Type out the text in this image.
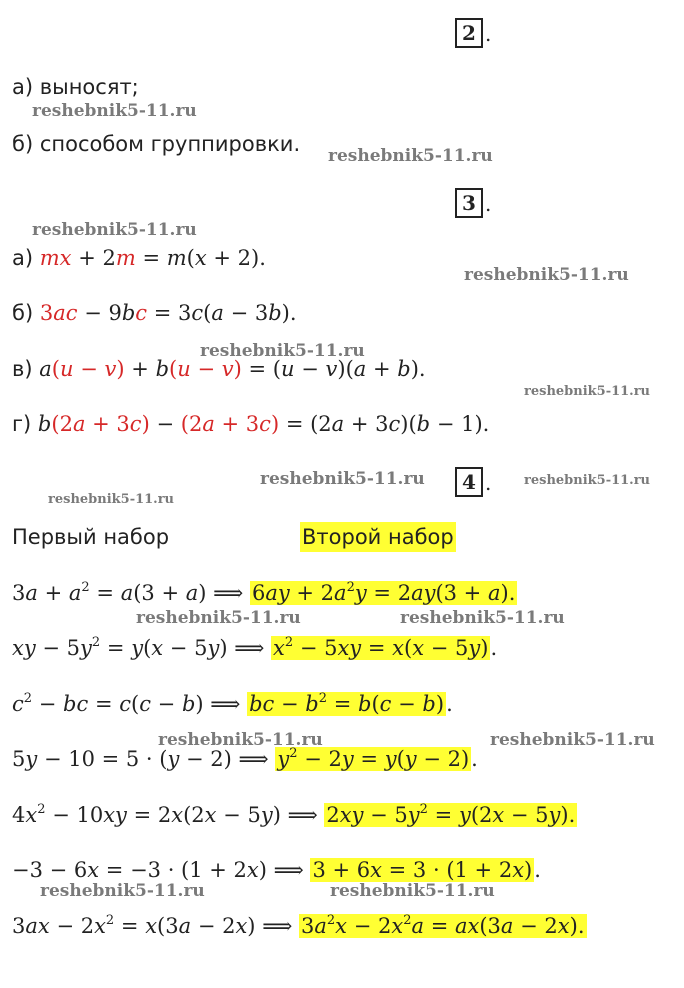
2 .
а) выносят;
б) способом группировки.
3 .
а) mx + 2m = m(x + 2).
б) 3ac − 9bc = 3c(a − 3b).
в) a(u − v) + b(u − v) = (u − v)(a + b).
г) b(2a + 3c) − (2a + 3c) = (2a + 3c)(b − 1).
4 .
Первый набор	Второй набор
$3a + a^2 = a(3 + a)$ ⟹ $6ay + 2a^2y = 2ay(3 + a)$.
xy − $5y^2 = y(x - 5y)$ ⟹ $x^2 - 5xy = x(x - 5y)$.
$c^2$ − bc = c(c − b) ⟹ bc − $b^2 = b(c - b)$.
5y − 10 = 5 · (y − 2) ⟹ $y^2 - 2y = y(y - 2)$.
$4x^2 - 10xy = 2x(2x - 5y)$ ⟹ $2xy - 5y^2 = y(2x - 5y)$.
−3 − 6x = −3 · (1 + 2x) ⟹ 3 + 6x = 3 · (1 + 2x).
$3ax - 2x^2 = x(3a - 2x)$ ⟹ $3a^2x - 2x^2a = ax(3a - 2x)$.
reshebnik5-11.ru
reshebnik5-11.ru
reshebnik5-11.ru
reshebnik5-11.ru
reshebnik5-11.ru
reshebnik5-11.ru
reshebnik5-11.ru	reshebnik5-11.ru
reshebnik5-11.ru
reshebnik5-11.ru	reshebnik5-11.ru
reshebnik5-11.ru	reshebnik5-11.ru
reshebnik5-11.ru	reshebnik5-11.ru
